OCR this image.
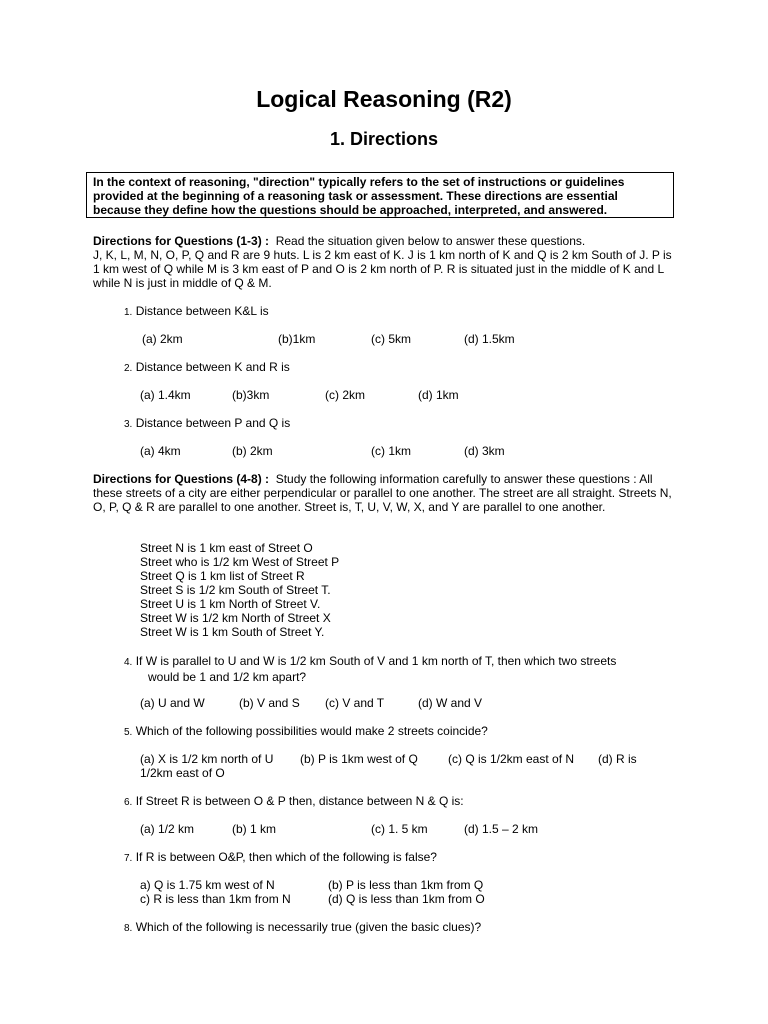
Logical Reasoning (R2)
1. Directions
In the context of reasoning, "direction" typically refers to the set of instructions or guidelines provided at the beginning of a reasoning task or assessment. These directions are essential because they define how the questions should be approached, interpreted, and answered.
Directions for Questions (1-3) : Read the situation given below to answer these questions.
J, K, L, M, N, O, P, Q and R are 9 huts. L is 2 km east of K. J is 1 km north of K and Q is 2 km South of J. P is 1 km west of Q while M is 3 km east of P and O is 2 km north of P. R is situated just in the middle of K and L while N is just in middle of Q & M.
1. Distance between K&L is
(a) 2km	(b)1km	(c) 5km	(d) 1.5km
2. Distance between K and R is
(a) 1.4km	(b)3km	(c) 2km	(d) 1km
3. Distance between P and Q is
(a) 4km	(b) 2km	(c) 1km	(d) 3km
Directions for Questions (4-8) : Study the following information carefully to answer these questions : All these streets of a city are either perpendicular or parallel to one another. The street are all straight. Streets N, O, P, Q & R are parallel to one another. Street is, T, U, V, W, X, and Y are parallel to one another.
Street N is 1 km east of Street O
Street who is 1/2 km West of Street P
Street Q is 1 km list of Street R
Street S is 1/2 km South of Street T.
Street U is 1 km North of Street V.
Street W is 1/2 km North of Street X
Street W is 1 km South of Street Y.
4. If W is parallel to U and W is 1/2 km South of V and 1 km north of T, then which two streets
would be 1 and 1/2 km apart?
(a) U and W	(b) V and S (c) V and T	(d) W and V
5. Which of the following possibilities would make 2 streets coincide?
(a) X is 1/2 km north of U (b) P is 1km west of Q	(c) Q is 1/2km east of N (d) R is
1/2km east of O
6. If Street R is between O & P then, distance between N & Q is:
(a) 1/2 km	(b) 1 km	(c) 1. 5 km	(d) 1.5 – 2 km
7. If R is between O&P, then which of the following is false?
a) Q is 1.75 km west of N	(b) P is less than 1km from Q
c) R is less than 1km from N	(d) Q is less than 1km from O
8. Which of the following is necessarily true (given the basic clues)?
